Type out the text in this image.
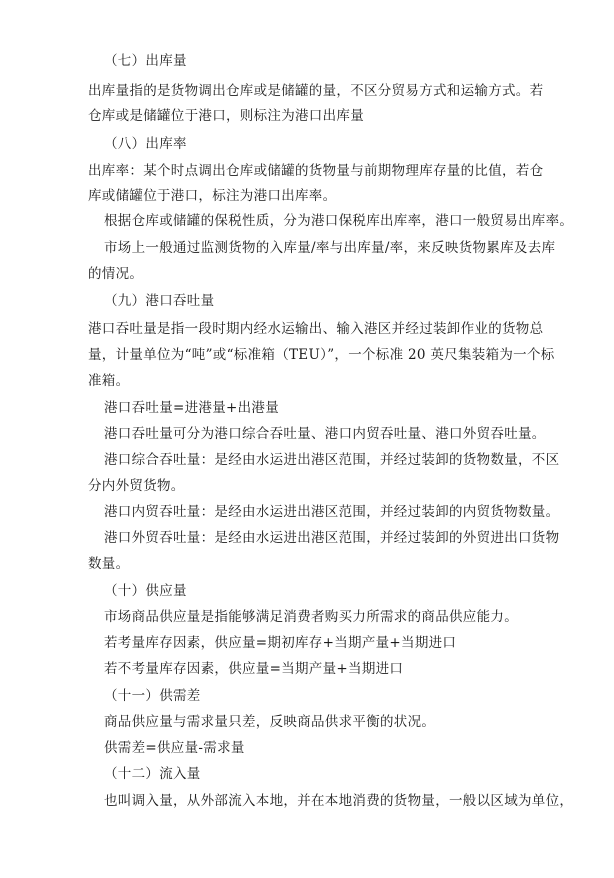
（七）出库量
出库量指的是货物调出仓库或是储罐的量，不区分贸易方式和运输方式。若
仓库或是储罐位于港口，则标注为港口出库量
（八）出库率
出库率：某个时点调出仓库或储罐的货物量与前期物理库存量的比值，若仓
库或储罐位于港口，标注为港口出库率。
根据仓库或储罐的保税性质，分为港口保税库出库率，港口一般贸易出库率。
市场上一般通过监测货物的入库量/率与出库量/率，来反映货物累库及去库
的情况。
（九）港口吞吐量
港口吞吐量是指一段时期内经水运输出、输入港区并经过装卸作业的货物总
量，计量单位为“吨”或“标准箱（TEU）”，一个标准 20 英尺集装箱为一个标
准箱。
港口吞吐量=进港量+出港量
港口吞吐量可分为港口综合吞吐量、港口内贸吞吐量、港口外贸吞吐量。
港口综合吞吐量：是经由水运进出港区范围，并经过装卸的货物数量，不区
分内外贸货物。
港口内贸吞吐量：是经由水运进出港区范围，并经过装卸的内贸货物数量。
港口外贸吞吐量：是经由水运进出港区范围，并经过装卸的外贸进出口货物
数量。
（十）供应量
市场商品供应量是指能够满足消费者购买力所需求的商品供应能力。
若考量库存因素，供应量=期初库存+当期产量+当期进口
若不考量库存因素，供应量=当期产量+当期进口
（十一）供需差
商品供应量与需求量只差，反映商品供求平衡的状况。
供需差=供应量-需求量
（十二）流入量
也叫调入量，从外部流入本地，并在本地消费的货物量，一般以区域为单位，
